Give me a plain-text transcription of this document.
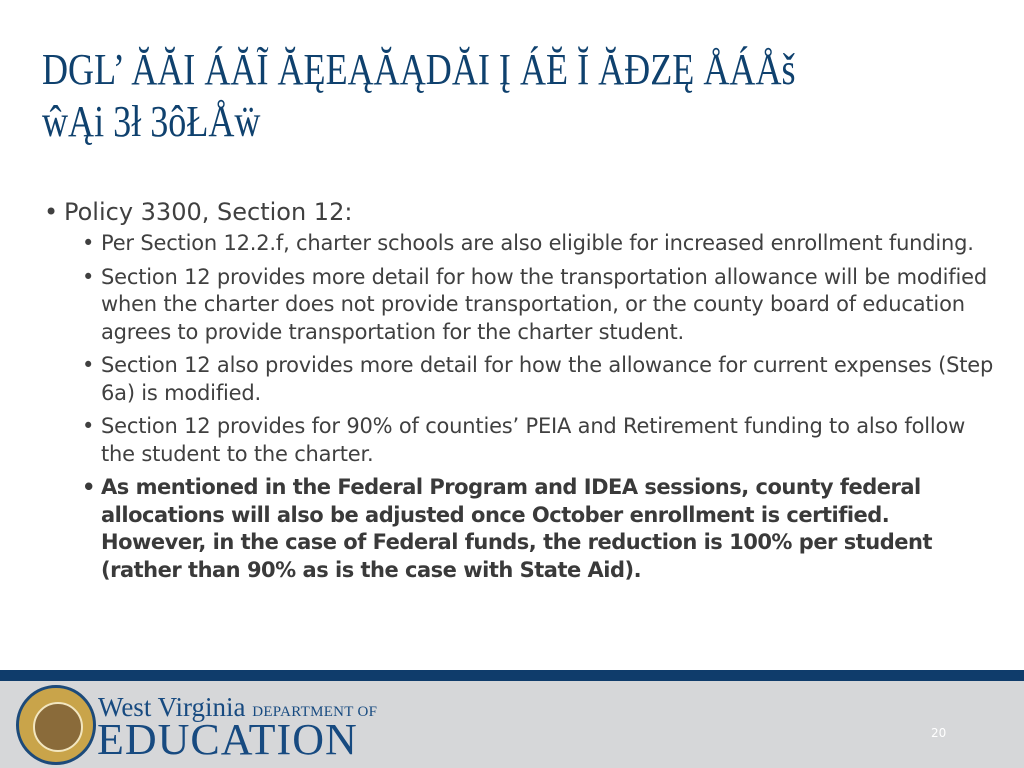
DGL’ ĂĂI ÁĂĨ ĂĘEĄĂĄDĂI Į ÁĔ Ĭ ĂĐZĘ ÅÁÅš
ŵĄi 3ł 3ôŁÅẅ
• Policy 3300, Section 12:
• Per Section 12.2.f, charter schools are also eligible for increased enrollment funding.
• Section 12 provides more detail for how the transportation allowance will be modified when the charter does not provide transportation, or the county board of education agrees to provide transportation for the charter student.
• Section 12 also provides more detail for how the allowance for current expenses (Step 6a) is modified.
• Section 12 provides for 90% of counties’ PEIA and Retirement funding to also follow the student to the charter.
• As mentioned in the Federal Program and IDEA sessions, county federal allocations will also be adjusted once October enrollment is certified. However, in the case of Federal funds, the reduction is 100% per student (rather than 90% as is the case with State Aid).
West Virginia DEPARTMENT OF
EDUCATION	20
